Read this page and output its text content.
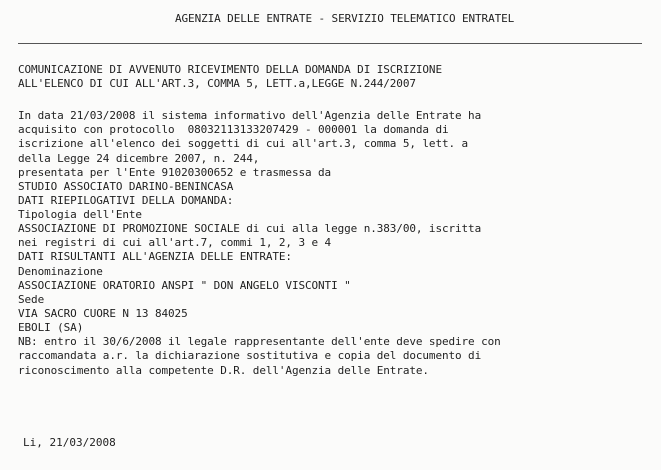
AGENZIA DELLE ENTRATE - SERVIZIO TELEMATICO ENTRATEL
COMUNICAZIONE DI AVVENUTO RICEVIMENTO DELLA DOMANDA DI ISCRIZIONE
ALL'ELENCO DI CUI ALL'ART.3, COMMA 5, LETT.a,LEGGE N.244/2007
In data 21/03/2008 il sistema informativo dell'Agenzia delle Entrate ha
acquisito con protocollo  08032113133207429 - 000001 la domanda di
iscrizione all'elenco dei soggetti di cui all'art.3, comma 5, lett. a
della Legge 24 dicembre 2007, n. 244,
presentata per l'Ente 91020300652 e trasmessa da
STUDIO ASSOCIATO DARINO-BENINCASA
DATI RIEPILOGATIVI DELLA DOMANDA:
Tipologia dell'Ente
ASSOCIAZIONE DI PROMOZIONE SOCIALE di cui alla legge n.383/00, iscritta
nei registri di cui all'art.7, commi 1, 2, 3 e 4
DATI RISULTANTI ALL'AGENZIA DELLE ENTRATE:
Denominazione
ASSOCIAZIONE ORATORIO ANSPI " DON ANGELO VISCONTI "
Sede
VIA SACRO CUORE N 13 84025
EBOLI (SA)
NB: entro il 30/6/2008 il legale rappresentante dell'ente deve spedire con
raccomandata a.r. la dichiarazione sostitutiva e copia del documento di
riconoscimento alla competente D.R. dell'Agenzia delle Entrate.
Li, 21/03/2008
